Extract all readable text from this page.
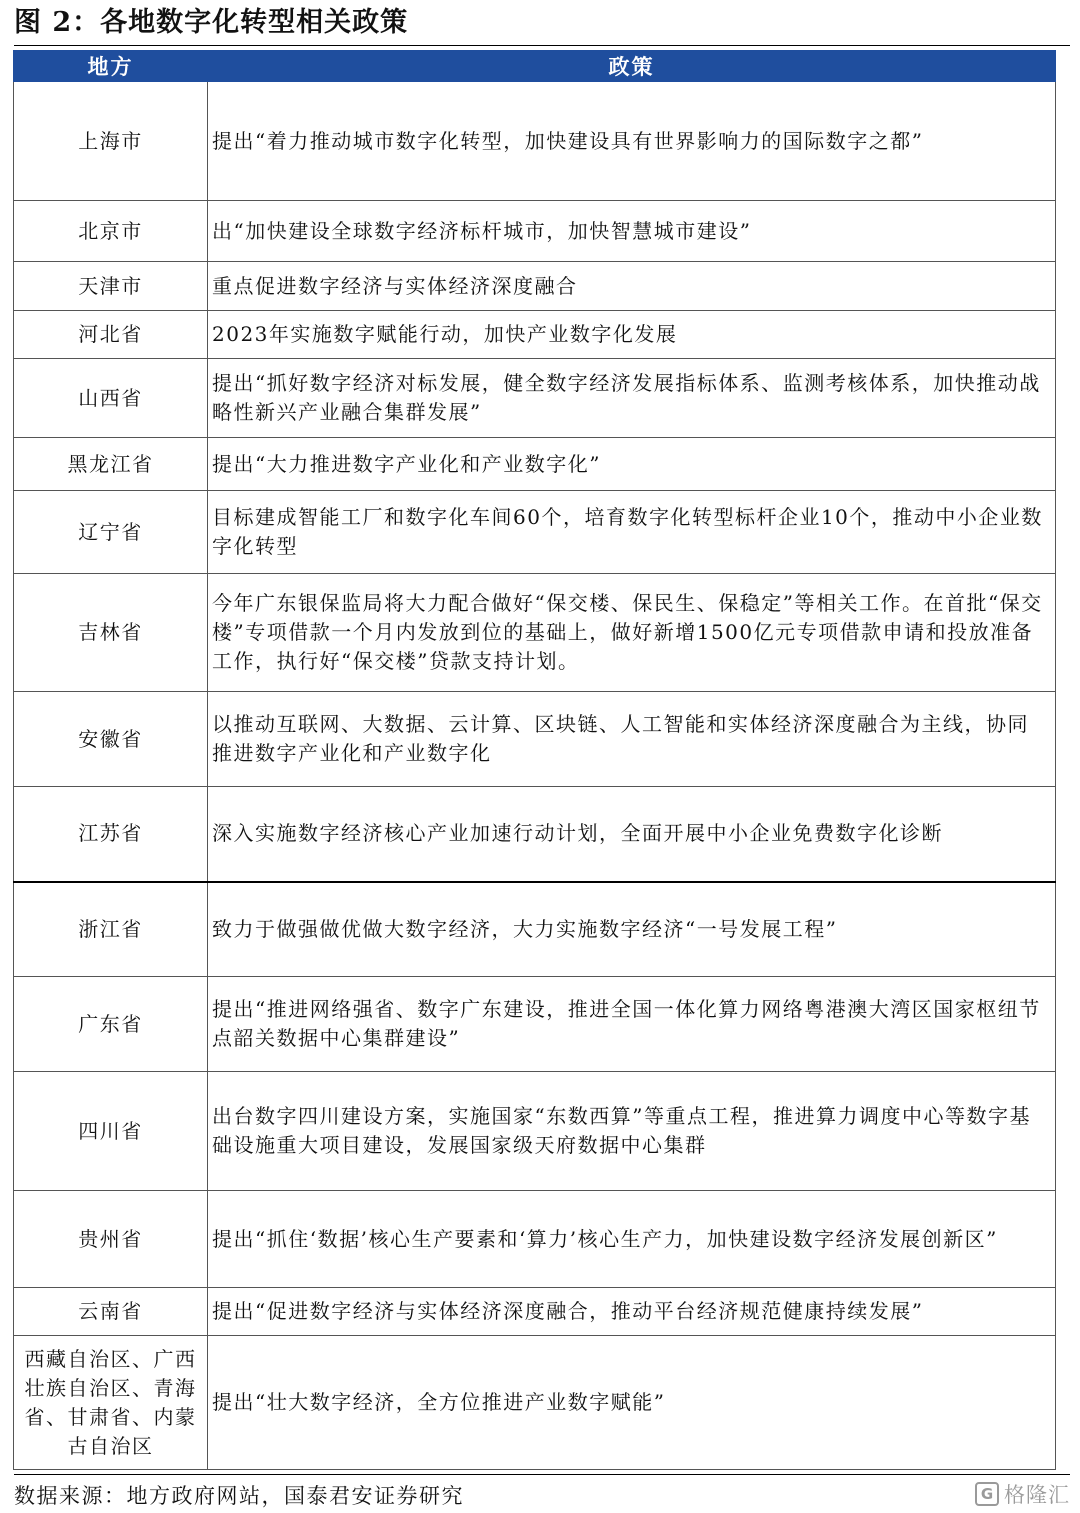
图 2：各地数字化转型相关政策
地方	政策
上海市	提出“着力推动城市数字化转型，加快建设具有世界影响力的国际数字之都”
北京市	出“加快建设全球数字经济标杆城市，加快智慧城市建设”
天津市	重点促进数字经济与实体经济深度融合
河北省	2023年实施数字赋能行动，加快产业数字化发展
山西省	提出“抓好数字经济对标发展，健全数字经济发展指标体系、监测考核体系，加快推动战略性新兴产业融合集群发展”
黑龙江省	提出“大力推进数字产业化和产业数字化”
辽宁省	目标建成智能工厂和数字化车间60个，培育数字化转型标杆企业10个，推动中小企业数字化转型
吉林省	今年广东银保监局将大力配合做好“保交楼、保民生、保稳定”等相关工作。在首批“保交楼”专项借款一个月内发放到位的基础上，做好新增1500亿元专项借款申请和投放准备工作，执行好“保交楼”贷款支持计划。
安徽省	以推动互联网、大数据、云计算、区块链、人工智能和实体经济深度融合为主线，协同推进数字产业化和产业数字化
江苏省	深入实施数字经济核心产业加速行动计划，全面开展中小企业免费数字化诊断
浙江省	致力于做强做优做大数字经济，大力实施数字经济“一号发展工程”
广东省	提出“推进网络强省、数字广东建设，推进全国一体化算力网络粤港澳大湾区国家枢纽节点韶关数据中心集群建设”
四川省	出台数字四川建设方案，实施国家“东数西算”等重点工程，推进算力调度中心等数字基础设施重大项目建设，发展国家级天府数据中心集群
贵州省	提出“抓住‘数据’核心生产要素和‘算力’核心生产力，加快建设数字经济发展创新区”
云南省	提出“促进数字经济与实体经济深度融合，推动平台经济规范健康持续发展”
西藏自治区、广西壮族自治区、青海省、甘肃省、内蒙古自治区	提出“壮大数字经济，全方位推进产业数字赋能”
数据来源：地方政府网站，国泰君安证券研究	G 格隆汇
